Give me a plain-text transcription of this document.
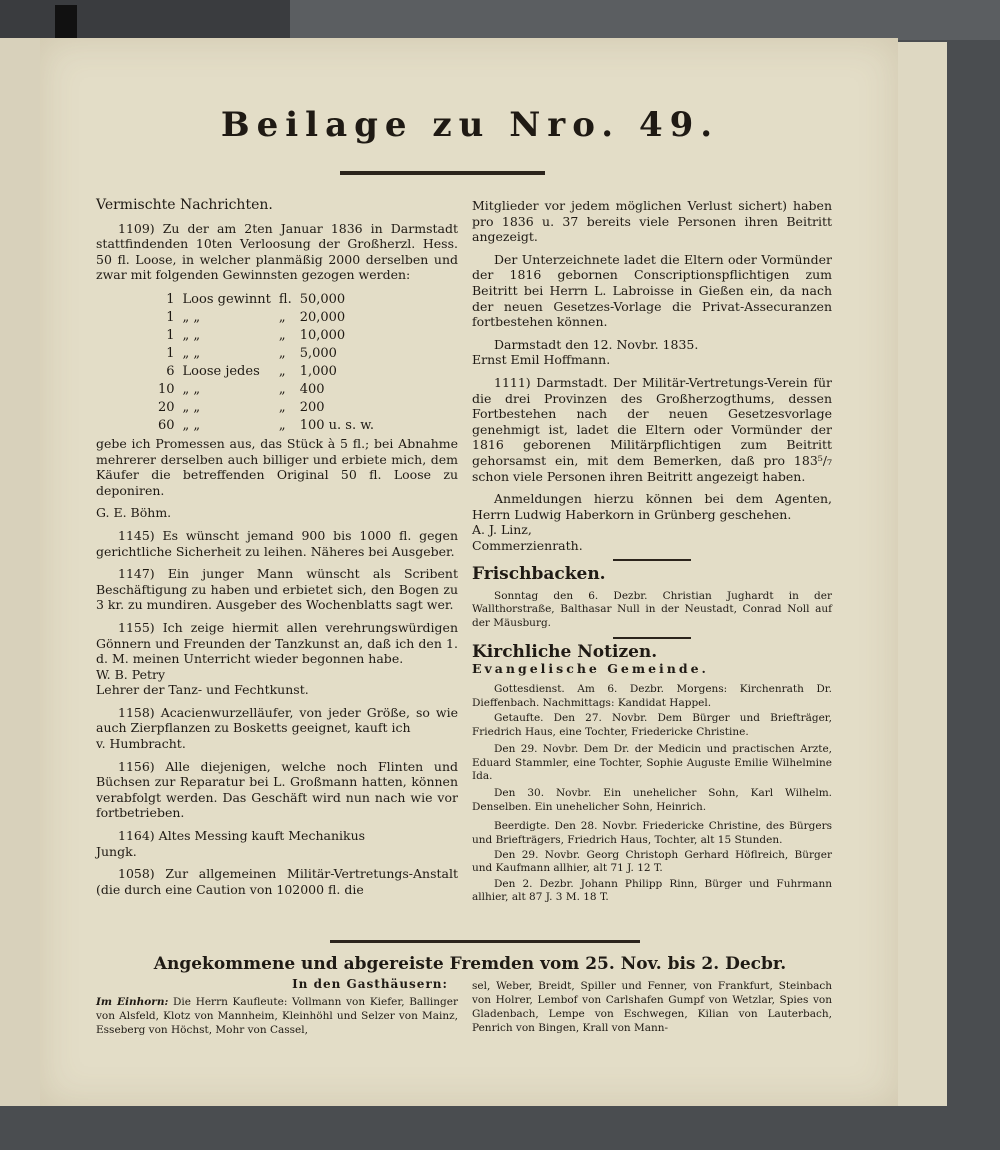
Beilage zu Nro. 49.

Vermischte Nachrichten.

1109) Zu der am 2ten Januar 1836 in Darmstadt stattfindenden 10ten Verloosung der Großherzl. Hess. 50 fl. Loose, in welcher planmäßig 2000 derselben und zwar mit folgenden Gewinnsten gezogen werden:

1	Loos gewinnt	fl.	50,000
1	„ „	„	20,000
1	„ „	„	10,000
1	„ „	„	5,000
6	Loose jedes	„	1,000
10	„ „	„	400
20	„ „	„	200
60	„ „	„	100 u. s. w.

gebe ich Promessen aus, das Stück à 5 fl.; bei Abnahme mehrerer derselben auch billiger und erbiete mich, dem Käufer die betreffenden Original 50 fl. Loose zu deponiren.

G. E. Böhm.

1145) Es wünscht jemand 900 bis 1000 fl. gegen gerichtliche Sicherheit zu leihen. Näheres bei Ausgeber.

1147) Ein junger Mann wünscht als Scribent Beschäftigung zu haben und erbietet sich, den Bogen zu 3 kr. zu mundiren. Ausgeber des Wochenblatts sagt wer.

1155) Ich zeige hiermit allen verehrungswürdigen Gönnern und Freunden der Tanzkunst an, daß ich den 1. d. M. meinen Unterricht wieder begonnen habe.

W. B. Petry

Lehrer der Tanz- und Fechtkunst.

1158) Acacienwurzelläufer, von jeder Größe, so wie auch Zierpflanzen zu Bosketts geeignet, kauft ich

v. Humbracht.

1156) Alle diejenigen, welche noch Flinten und Büchsen zur Reparatur bei L. Großmann hatten, können verabfolgt werden. Das Geschäft wird nun nach wie vor fortbetrieben.

1164) Altes Messing kauft Mechanikus

Jungk.

1058) Zur allgemeinen Militär-Vertretungs-Anstalt (die durch eine Caution von 102000 fl. die

Mitglieder vor jedem möglichen Verlust sichert) haben pro 1836 u. 37 bereits viele Personen ihren Beitritt angezeigt.

Der Unterzeichnete ladet die Eltern oder Vormünder der 1816 gebornen Conscriptionspflichtigen zum Beitritt bei Herrn L. Labroisse in Gießen ein, da nach der neuen Gesetzes-Vorlage die Privat-Assecuranzen fortbestehen können.

Darmstadt den 12. Novbr. 1835.

Ernst Emil Hoffmann.

1111) Darmstadt. Der Militär-Vertretungs-Verein für die drei Provinzen des Großherzogthums, dessen Fortbestehen nach der neuen Gesetzesvorlage genehmigt ist, ladet die Eltern oder Vormünder der 1816 geborenen Militärpflichtigen zum Beitritt gehorsamst ein, mit dem Bemerken, daß pro 183⁵/₇ schon viele Personen ihren Beitritt angezeigt haben.

Anmeldungen hierzu können bei dem Agenten, Herrn Ludwig Haberkorn in Grünberg geschehen.

A. J. Linz,

Commerzienrath.

Frischbacken.

Sonntag den 6. Dezbr. Christian Jughardt in der Wallthorstraße, Balthasar Null in der Neustadt, Conrad Noll auf der Mäusburg.

Kirchliche Notizen.

Evangelische Gemeinde.

Gottesdienst. Am 6. Dezbr. Morgens: Kirchenrath Dr. Dieffenbach. Nachmittags: Kandidat Happel.

Getaufte. Den 27. Novbr. Dem Bürger und Briefträger, Friedrich Haus, eine Tochter, Friedericke Christine.

Den 29. Novbr. Dem Dr. der Medicin und practischen Arzte, Eduard Stammler, eine Tochter, Sophie Auguste Emilie Wilhelmine Ida.

Den 30. Novbr. Ein unehelicher Sohn, Karl Wilhelm. Denselben. Ein unehelicher Sohn, Heinrich.

Beerdigte. Den 28. Novbr. Friedericke Christine, des Bürgers und Briefträgers, Friedrich Haus, Tochter, alt 15 Stunden.

Den 29. Novbr. Georg Christoph Gerhard Höflreich, Bürger und Kaufmann allhier, alt 71 J. 12 T.

Den 2. Dezbr. Johann Philipp Rinn, Bürger und Fuhrmann allhier, alt 87 J. 3 M. 18 T.

Angekommene und abgereiste Fremden vom 25. Nov. bis 2. Decbr.
In den Gasthäusern:
Im Einhorn: Die Herrn Kaufleute: Vollmann von Kiefer, Ballinger von Alsfeld, Klotz von Mannheim, Kleinhöhl und Selzer von Mainz, Esseberg von Höchst, Mohr von Cassel,
sel, Weber, Breidt, Spiller und Fenner, von Frankfurt, Steinbach von Holrer, Lembof von Carlshafen Gumpf von Wetzlar, Spies von Gladenbach, Lempe von Eschwegen, Kilian von Lauterbach, Penrich von Bingen, Krall von Mann-
